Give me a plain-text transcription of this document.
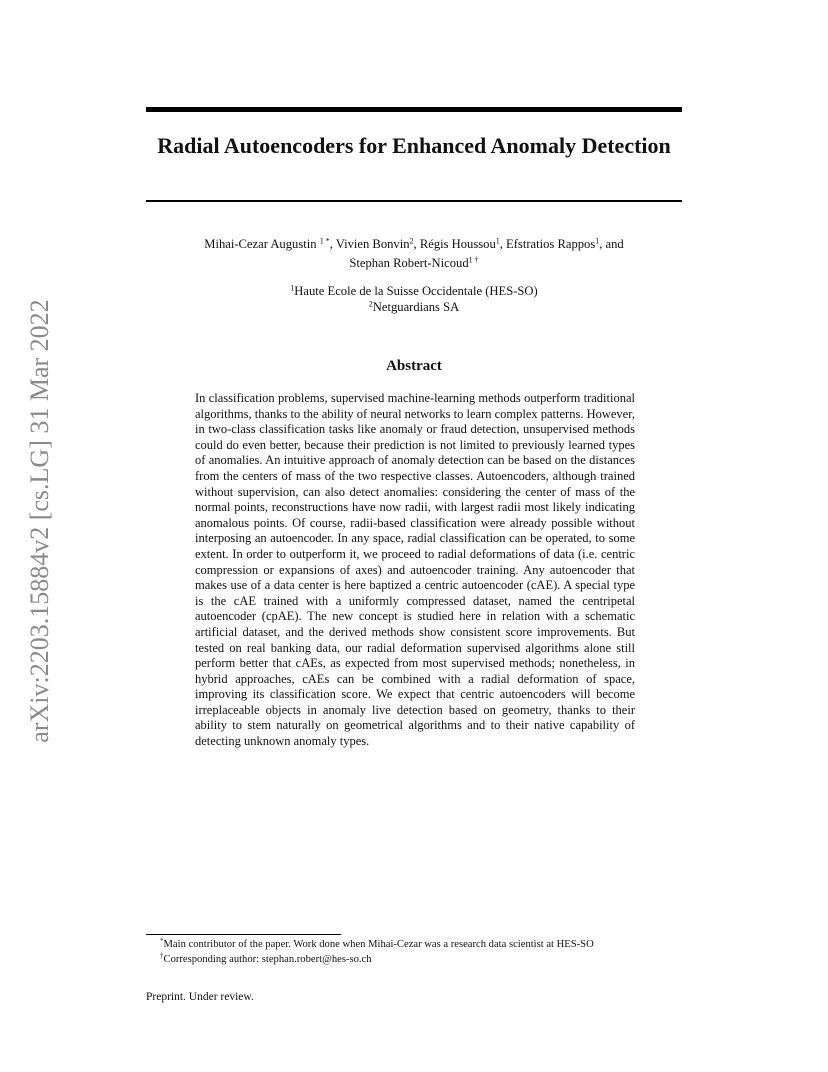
arXiv:2203.15884v2 [cs.LG] 31 Mar 2022
Radial Autoencoders for Enhanced Anomaly Detection
Mihai-Cezar Augustin $^{1 *}$, Vivien Bonvin$^2$, Régis Houssou$^1$, Efstratios Rappos$^1$, and
Stephan Robert-Nicoud$^{1 \dagger}$
$^1$Haute Ecole de la Suisse Occidentale (HES-SO)
$^2$Netguardians SA
Abstract

In classification problems, supervised machine-learning methods outperform traditional algorithms, thanks to the ability of neural networks to learn complex patterns. However, in two-class classification tasks like anomaly or fraud detection, unsupervised methods could do even better, because their prediction is not limited to previously learned types of anomalies. An intuitive approach of anomaly detection can be based on the distances from the centers of mass of the two respective classes. Autoencoders, although trained without supervision, can also detect anomalies: considering the center of mass of the normal points, reconstructions have now radii, with largest radii most likely indicating anomalous points. Of course, radii-based classification were already possible without interposing an autoencoder. In any space, radial classification can be operated, to some extent. In order to outperform it, we proceed to radial deformations of data (i.e. centric compression or expansions of axes) and autoencoder training. Any autoencoder that makes use of a data center is here baptized a centric autoencoder (cAE). A special type is the cAE trained with a uniformly compressed dataset, named the centripetal autoencoder (cpAE). The new concept is studied here in relation with a schematic artificial dataset, and the derived methods show consistent score improvements. But tested on real banking data, our radial deformation supervised algorithms alone still perform better that cAEs, as expected from most supervised methods; nonetheless, in hybrid approaches, cAEs can be combined with a radial deformation of space, improving its classification score. We expect that centric autoencoders will become irreplaceable objects in anomaly live detection based on geometry, thanks to their ability to stem naturally on geometrical algorithms and to their native capability of detecting unknown anomaly types.

*Main contributor of the paper. Work done when Mihai-Cezar was a research data scientist at HES-SO
†Corresponding author: stephan.robert@hes-so.ch
Preprint. Under review.
